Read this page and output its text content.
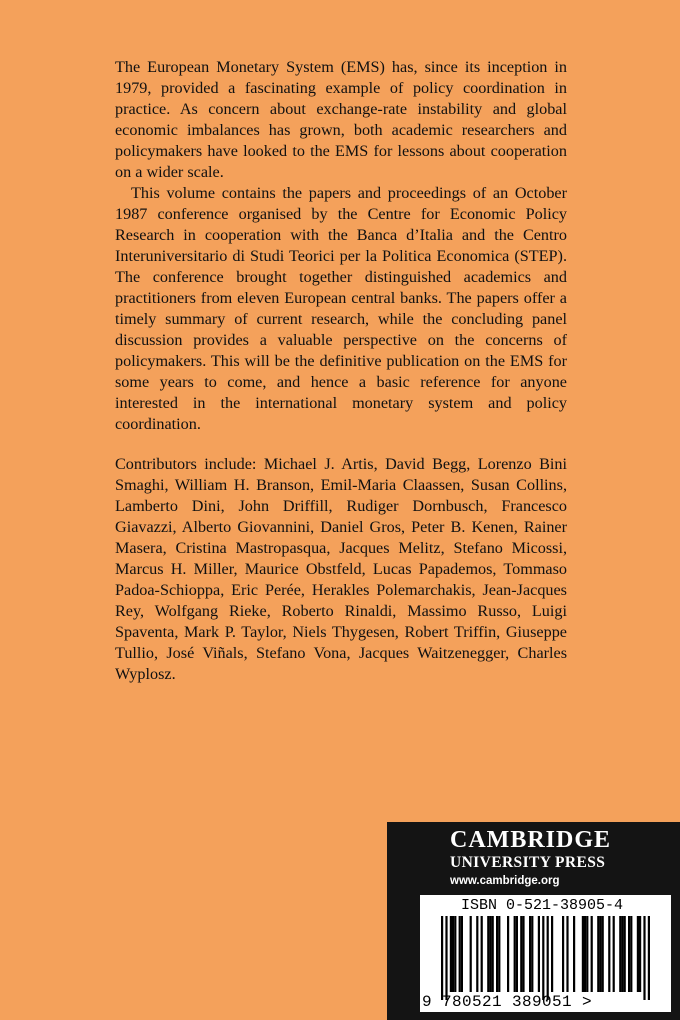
The European Monetary System (EMS) has, since its inception in 1979, provided a fascinating example of policy coordination in practice. As concern about exchange-rate instability and global economic imbalances has grown, both academic researchers and policymakers have looked to the EMS for lessons about cooperation on a wider scale.

This volume contains the papers and proceedings of an October 1987 conference organised by the Centre for Economic Policy Research in cooperation with the Banca d’Italia and the Centro Interuniversitario di Studi Teorici per la Politica Economica (STEP). The conference brought together distinguished academics and practitioners from eleven European central banks. The papers offer a timely summary of current research, while the concluding panel discussion provides a valuable perspective on the concerns of policymakers. This will be the definitive publication on the EMS for some years to come, and hence a basic reference for anyone interested in the international monetary system and policy coordination.

Contributors include: Michael J. Artis, David Begg, Lorenzo Bini Smaghi, William H. Branson, Emil-Maria Claassen, Susan Collins, Lamberto Dini, John Driffill, Rudiger Dornbusch, Francesco Giavazzi, Alberto Giovannini, Daniel Gros, Peter B. Kenen, Rainer Masera, Cristina Mastropasqua, Jacques Melitz, Stefano Micossi, Marcus H. Miller, Maurice Obstfeld, Lucas Papademos, Tommaso Padoa-Schioppa, Eric Perée, Herakles Polemarchakis, Jean-Jacques Rey, Wolfgang Rieke, Roberto Rinaldi, Massimo Russo, Luigi Spaventa, Mark P. Taylor, Niels Thygesen, Robert Triffin, Giuseppe Tullio, José Viñals, Stefano Vona, Jacques Waitzenegger, Charles Wyplosz.

CAMBRIDGE
UNIVERSITY PRESS
www.cambridge.org
ISBN 0-521-38905-4
9 780521 389051 >
